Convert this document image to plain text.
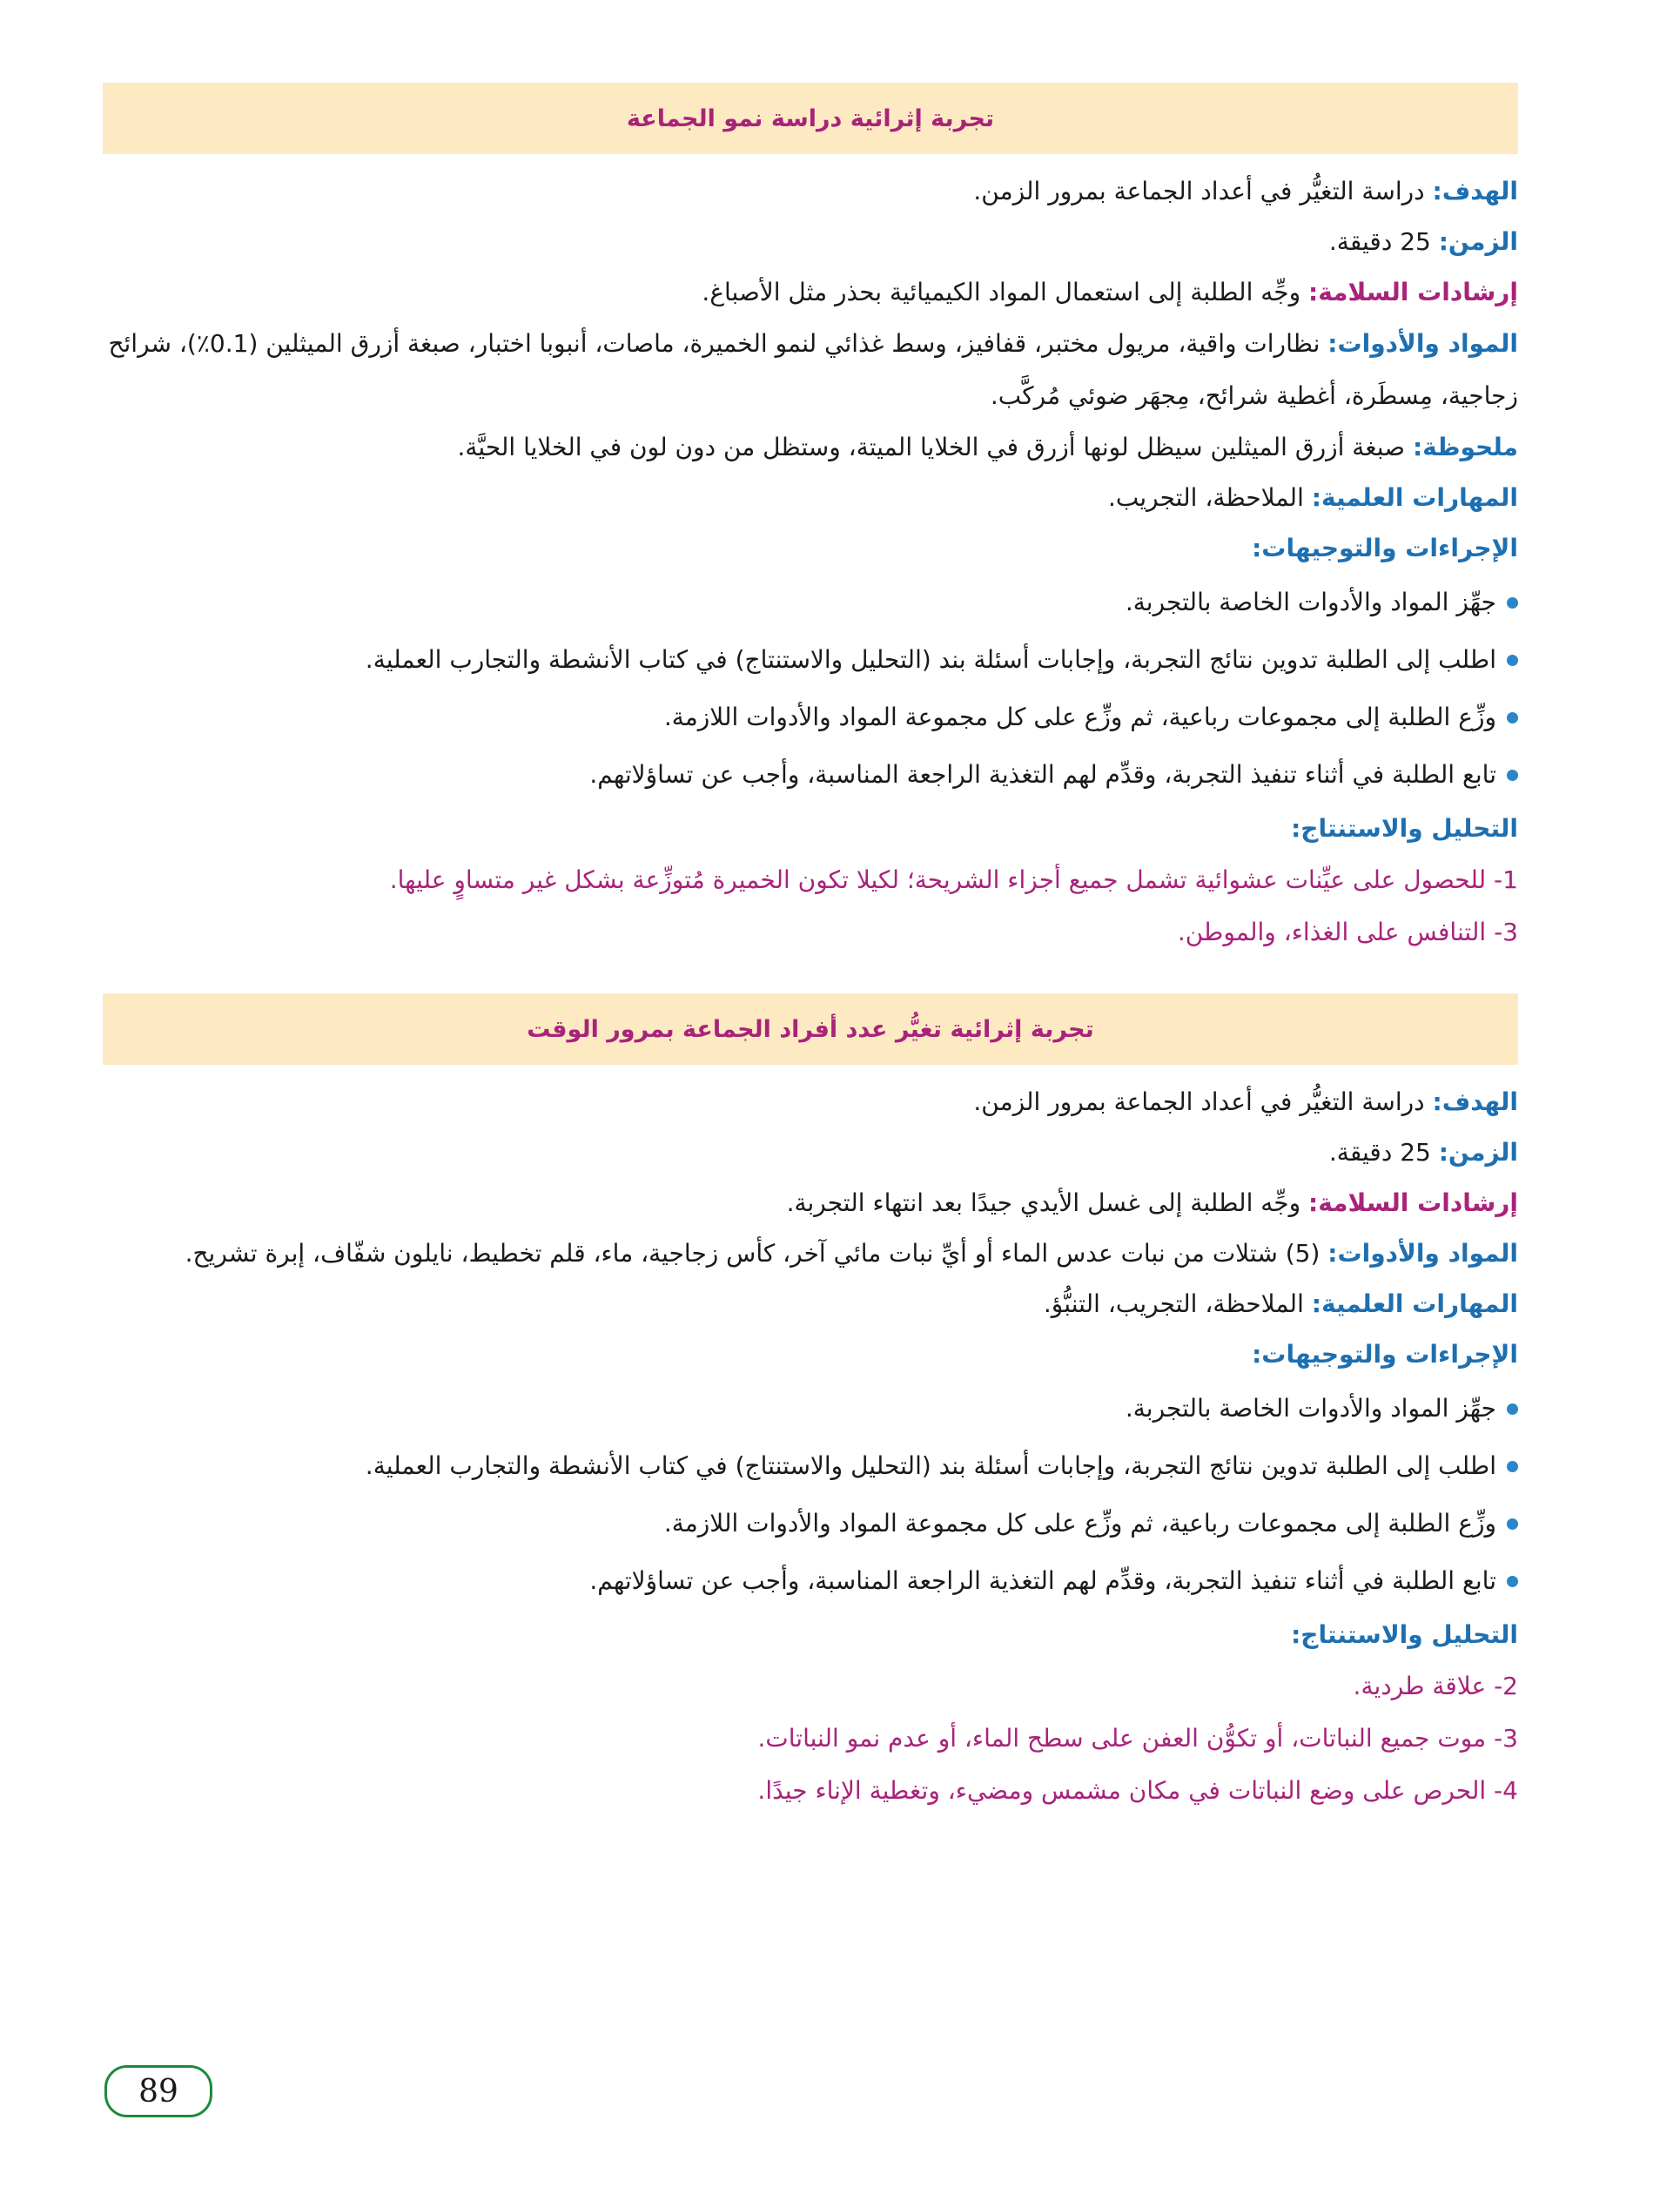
تجربة إثرائية دراسة نمو الجماعة

الهدف: دراسة التغيُّر في أعداد الجماعة بمرور الزمن.

الزمن: 25 دقيقة.

إرشادات السلامة: وجِّه الطلبة إلى استعمال المواد الكيميائية بحذر مثل الأصباغ.

المواد والأدوات: نظارات واقية، مريول مختبر، قفافيز، وسط غذائي لنمو الخميرة، ماصات، أنبوبا اختبار، صبغة أزرق الميثلين (0.1٪)، شرائح زجاجية، مِسطَرة، أغطية شرائح، مِجهَر ضوئي مُركَّب.

ملحوظة: صبغة أزرق الميثلين سيظل لونها أزرق في الخلايا الميتة، وستظل من دون لون في الخلايا الحيَّة.

المهارات العلمية: الملاحظة، التجريب.

الإجراءات والتوجيهات:
جهِّز المواد والأدوات الخاصة بالتجربة.
اطلب إلى الطلبة تدوين نتائج التجربة، وإجابات أسئلة بند (التحليل والاستنتاج) في كتاب الأنشطة والتجارب العملية.
وزِّع الطلبة إلى مجموعات رباعية، ثم وزِّع على كل مجموعة المواد والأدوات اللازمة.
تابع الطلبة في أثناء تنفيذ التجربة، وقدِّم لهم التغذية الراجعة المناسبة، وأجب عن تساؤلاتهم.
التحليل والاستنتاج:
1- للحصول على عيِّنات عشوائية تشمل جميع أجزاء الشريحة؛ لكيلا تكون الخميرة مُتوزِّعة بشكل غير متساوٍ عليها.
3- التنافس على الغذاء، والموطن.
تجربة إثرائية تغيُّر عدد أفراد الجماعة بمرور الوقت

الهدف: دراسة التغيُّر في أعداد الجماعة بمرور الزمن.

الزمن: 25 دقيقة.

إرشادات السلامة: وجِّه الطلبة إلى غسل الأيدي جيدًا بعد انتهاء التجربة.

المواد والأدوات: (5) شتلات من نبات عدس الماء أو أيِّ نبات مائي آخر، كأس زجاجية، ماء، قلم تخطيط، نايلون شفّاف، إبرة تشريح.

المهارات العلمية: الملاحظة، التجريب، التنبُّؤ.

الإجراءات والتوجيهات:
جهِّز المواد والأدوات الخاصة بالتجربة.
اطلب إلى الطلبة تدوين نتائج التجربة، وإجابات أسئلة بند (التحليل والاستنتاج) في كتاب الأنشطة والتجارب العملية.
وزِّع الطلبة إلى مجموعات رباعية، ثم وزِّع على كل مجموعة المواد والأدوات اللازمة.
تابع الطلبة في أثناء تنفيذ التجربة، وقدِّم لهم التغذية الراجعة المناسبة، وأجب عن تساؤلاتهم.
التحليل والاستنتاج:
2- علاقة طردية.
3- موت جميع النباتات، أو تكوُّن العفن على سطح الماء، أو عدم نمو النباتات.
4- الحرص على وضع النباتات في مكان مشمس ومضيء، وتغطية الإناء جيدًا.
89
